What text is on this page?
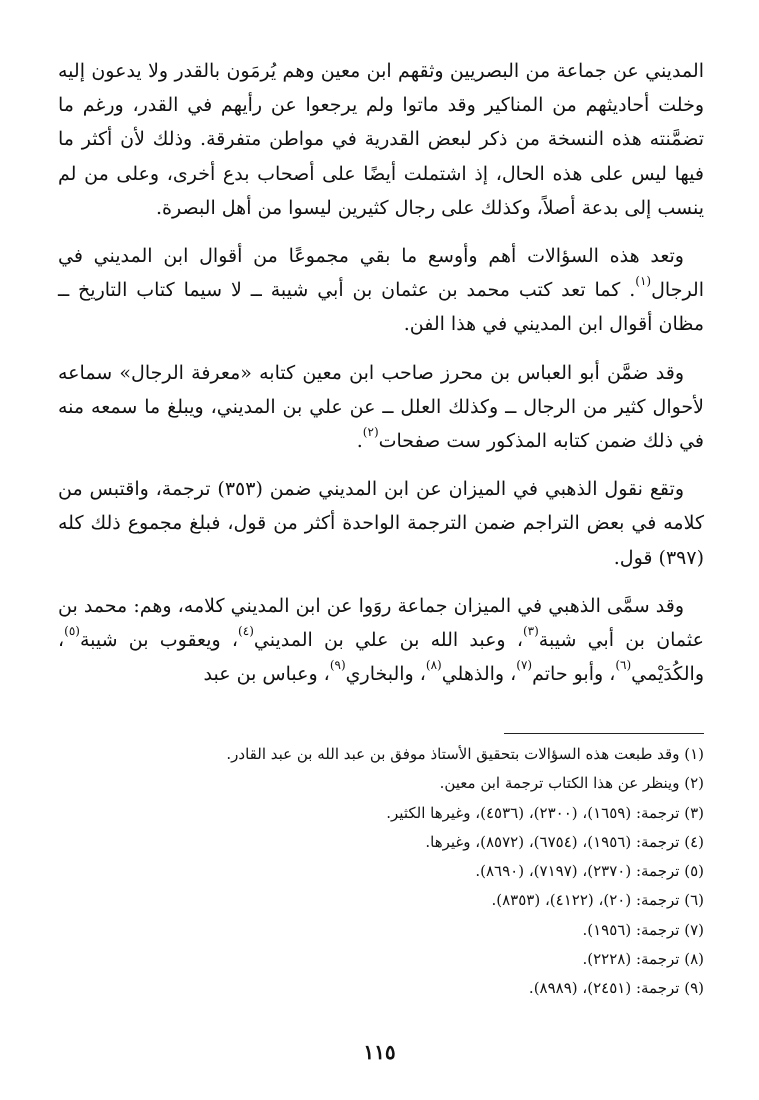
المديني عن جماعة من البصريين وثقهم ابن معين وهم يُرمَون بالقدر ولا يدعون إليه وخلت أحاديثهم من المناكير وقد ماتوا ولم يرجعوا عن رأيهم في القدر، ورغم ما تضمَّنته هذه النسخة من ذكر لبعض القدرية في مواطن متفرقة. وذلك لأن أكثر ما فيها ليس على هذه الحال، إذ اشتملت أيضًا على أصحاب بدع أخرى، وعلى من لم ينسب إلى بدعة أصلاً، وكذلك على رجال كثيرين ليسوا من أهل البصرة.

وتعد هذه السؤالات أهم وأوسع ما بقي مجموعًا من أقوال ابن المديني في الرجال$^{(١)}$. كما تعد كتب محمد بن عثمان بن أبي شيبة ــ لا سيما كتاب التاريخ ــ مظان أقوال ابن المديني في هذا الفن.

وقد ضمَّن أبو العباس بن محرز صاحب ابن معين كتابه «معرفة الرجال» سماعه لأحوال كثير من الرجال ــ وكذلك العلل ــ عن علي بن المديني، ويبلغ ما سمعه منه في ذلك ضمن كتابه المذكور ست صفحات$^{(٢)}$.

وتقع نقول الذهبي في الميزان عن ابن المديني ضمن (٣٥٣) ترجمة، واقتبس من كلامه في بعض التراجم ضمن الترجمة الواحدة أكثر من قول، فبلغ مجموع ذلك كله (٣٩٧) قول.

وقد سمَّى الذهبي في الميزان جماعة روَوا عن ابن المديني كلامه، وهم: محمد بن عثمان بن أبي شيبة$^{(٣)}$، وعبد الله بن علي بن المديني$^{(٤)}$، ويعقوب بن شيبة$^{(٥)}$، والكُدَيْمي$^{(٦)}$، وأبو حاتم$^{(٧)}$، والذهلي$^{(٨)}$، والبخاري$^{(٩)}$، وعباس بن عبد

(١) وقد طبعت هذه السؤالات بتحقيق الأستاذ موفق بن عبد الله بن عبد القادر.
(٢) وينظر عن هذا الكتاب ترجمة ابن معين.
(٣) ترجمة: (١٦٥٩)، (٢٣٠٠)، (٤٥٣٦)، وغيرها الكثير.
(٤) ترجمة: (١٩٥٦)، (٦٧٥٤)، (٨٥٧٢)، وغيرها.
(٥) ترجمة: (٢٣٧٠)، (٧١٩٧)، (٨٦٩٠).
(٦) ترجمة: (٢٠)، (٤١٢٢)، (٨٣٥٣).
(٧) ترجمة: (١٩٥٦).
(٨) ترجمة: (٢٢٢٨).
(٩) ترجمة: (٢٤٥١)، (٨٩٨٩).
١١٥
